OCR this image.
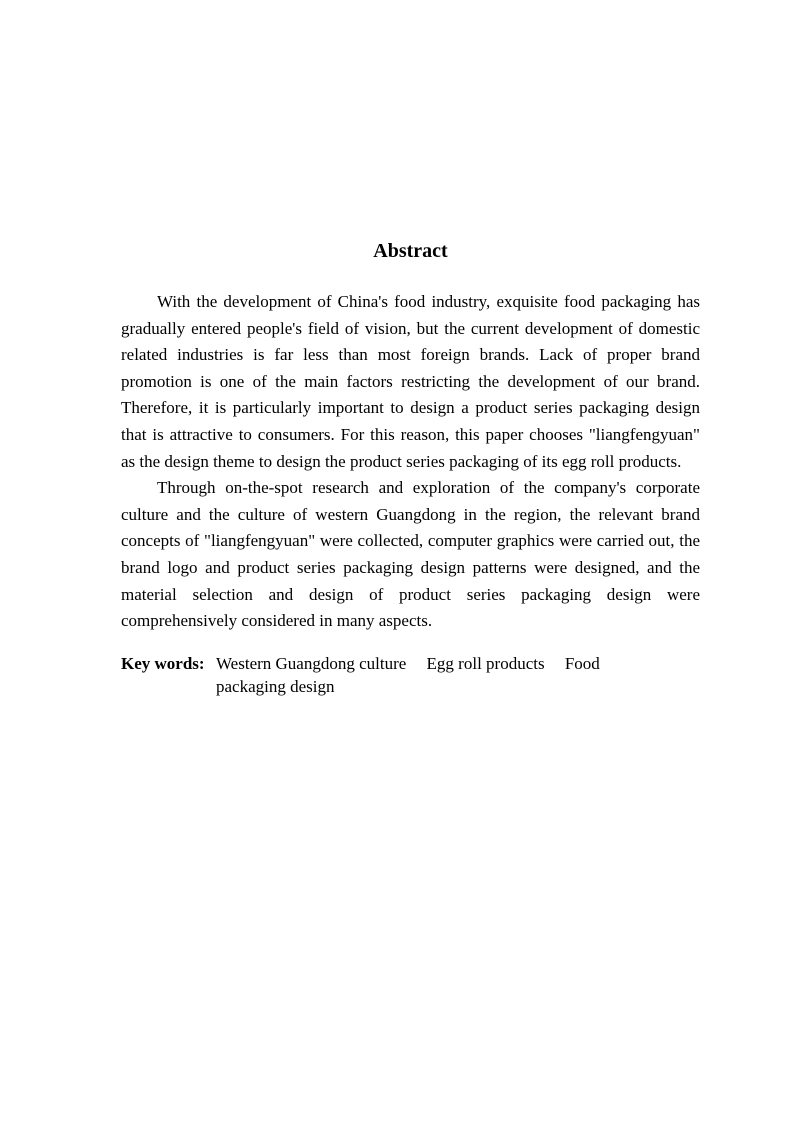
Abstract

With the development of China's food industry, exquisite food packaging has gradually entered people's field of vision, but the current development of domestic related industries is far less than most foreign brands. Lack of proper brand promotion is one of the main factors restricting the development of our brand. Therefore, it is particularly important to design a product series packaging design that is attractive to consumers. For this reason, this paper chooses "liangfengyuan" as the design theme to design the product series packaging of its egg roll products.

Through on-the-spot research and exploration of the company's corporate culture and the culture of western Guangdong in the region, the relevant brand concepts of "liangfengyuan" were collected, computer graphics were carried out, the brand logo and product series packaging design patterns were designed, and the material selection and design of product series packaging design were comprehensively considered in many aspects.

Key words: Western Guangdong culture Egg roll products Food packaging design
